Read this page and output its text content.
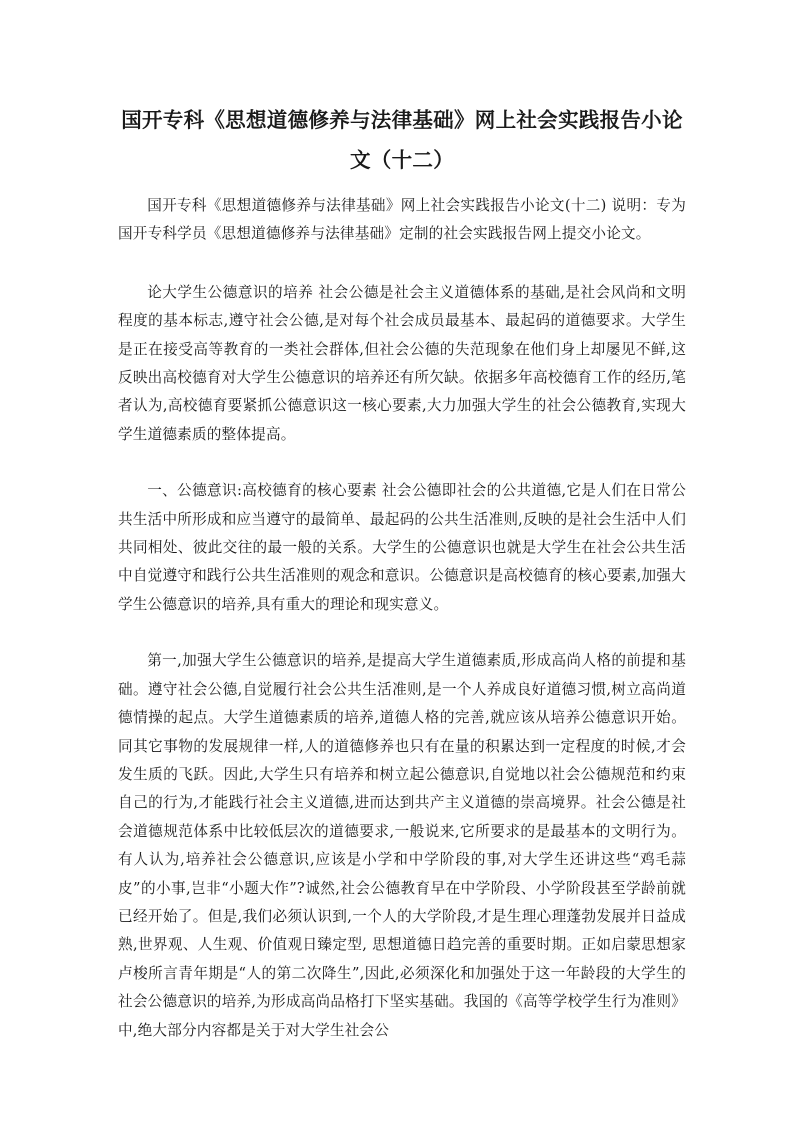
国开专科《思想道德修养与法律基础》网上社会实践报告小论文（十二）

国开专科《思想道德修养与法律基础》网上社会实践报告小论文(十二) 说明：专为国开专科学员《思想道德修养与法律基础》定制的社会实践报告网上提交小论文。

论大学生公德意识的培养 社会公德是社会主义道德体系的基础,是社会风尚和文明程度的基本标志,遵守社会公德,是对每个社会成员最基本、最起码的道德要求。大学生是正在接受高等教育的一类社会群体,但社会公德的失范现象在他们身上却屡见不鲜,这反映出高校德育对大学生公德意识的培养还有所欠缺。依据多年高校德育工作的经历,笔者认为,高校德育要紧抓公德意识这一核心要素,大力加强大学生的社会公德教育,实现大学生道德素质的整体提高。

一、公德意识:高校德育的核心要素 社会公德即社会的公共道德,它是人们在日常公共生活中所形成和应当遵守的最简单、最起码的公共生活准则,反映的是社会生活中人们共同相处、彼此交往的最一般的关系。大学生的公德意识也就是大学生在社会公共生活中自觉遵守和践行公共生活准则的观念和意识。公德意识是高校德育的核心要素,加强大学生公德意识的培养,具有重大的理论和现实意义。

第一,加强大学生公德意识的培养,是提高大学生道德素质,形成高尚人格的前提和基础。遵守社会公德,自觉履行社会公共生活准则,是一个人养成良好道德习惯,树立高尚道德情操的起点。大学生道德素质的培养,道德人格的完善,就应该从培养公德意识开始。同其它事物的发展规律一样,人的道德修养也只有在量的积累达到一定程度的时候,才会发生质的飞跃。因此,大学生只有培养和树立起公德意识,自觉地以社会公德规范和约束自己的行为,才能践行社会主义道德,进而达到共产主义道德的崇高境界。社会公德是社会道德规范体系中比较低层次的道德要求,一般说来,它所要求的是最基本的文明行为。有人认为,培养社会公德意识,应该是小学和中学阶段的事,对大学生还讲这些“鸡毛蒜皮”的小事,岂非“小题大作”?诚然,社会公德教育早在中学阶段、小学阶段甚至学龄前就已经开始了。但是,我们必须认识到,一个人的大学阶段,才是生理心理蓬勃发展并日益成熟,世界观、人生观、价值观日臻定型, 思想道德日趋完善的重要时期。正如启蒙思想家卢梭所言青年期是“人的第二次降生”,因此,必须深化和加强处于这一年龄段的大学生的社会公德意识的培养,为形成高尚品格打下坚实基础。我国的《高等学校学生行为准则》中,绝大部分内容都是关于对大学生社会公
